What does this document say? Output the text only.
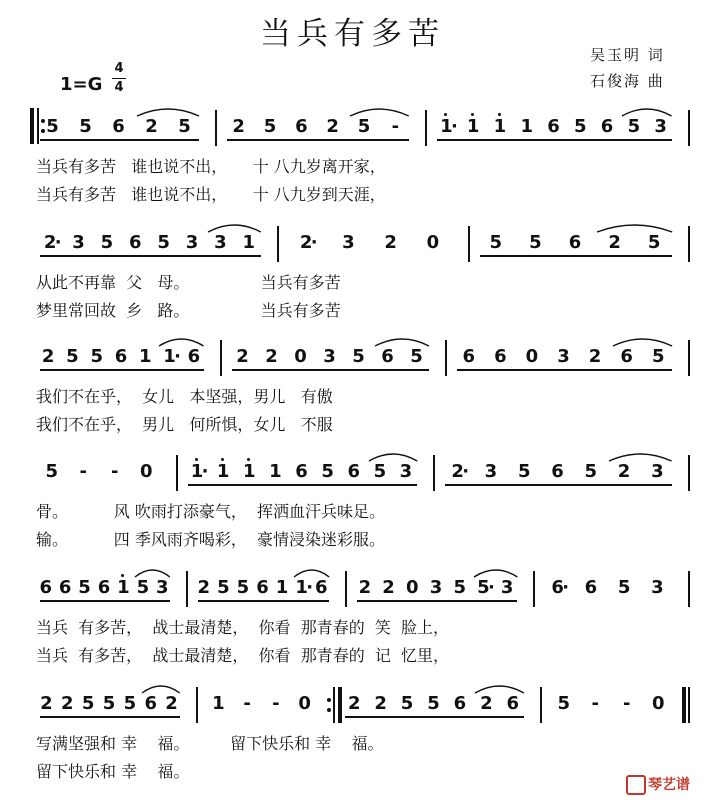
当兵有多苦
吴玉明 词
石俊海 曲
1=G
4
4
5 5 6 2 5 2 5 6 2 5 - 1
· 1 1 1 6 5 6 5 3
当兵有多苦   谁也说不出，     十 八九岁离开家，
当兵有多苦   谁也说不出，     十 八九岁到天涯，
2
· 3 5 6 5 3 3 1 2
· 3 2 0	5 5 6 2 5
从此不再靠  父   母。              当兵有多苦
梦里常回故  乡   路。              当兵有多苦
2 5 5 6 1 1
· 6 2 2 0 3 5 6 5 6 6 0 3 2 6 5
我们不在乎，  女儿   本坚强，男儿   有傲
我们不在乎，  男儿   何所惧，女儿   不服
5 - - 0 1
· 1 1 1 6 5 6 5 3 2
· 3 5 6 5 2 3
骨。         风 吹雨打添豪气，  挥洒血汗兵味足。
输。         四 季风雨齐喝彩，  豪情浸染迷彩服。
6 6 5 6 1 5 3 2 5 5 6 1 1
· 6 2 2 0 3 5 5
· 3 6
· 6 5 3
当兵  有多苦，  战士最清楚，  你看  那青春的  笑  脸上，
当兵  有多苦，  战士最清楚，  你看  那青春的  记  忆里，
2 2 5 5 5 6 2 1 - - 0 2 2 5 5 6 2 6 5 - - 0
写满坚强和 幸    福。        留下快乐和 幸    福。
留下快乐和 幸    福。
琴艺谱
